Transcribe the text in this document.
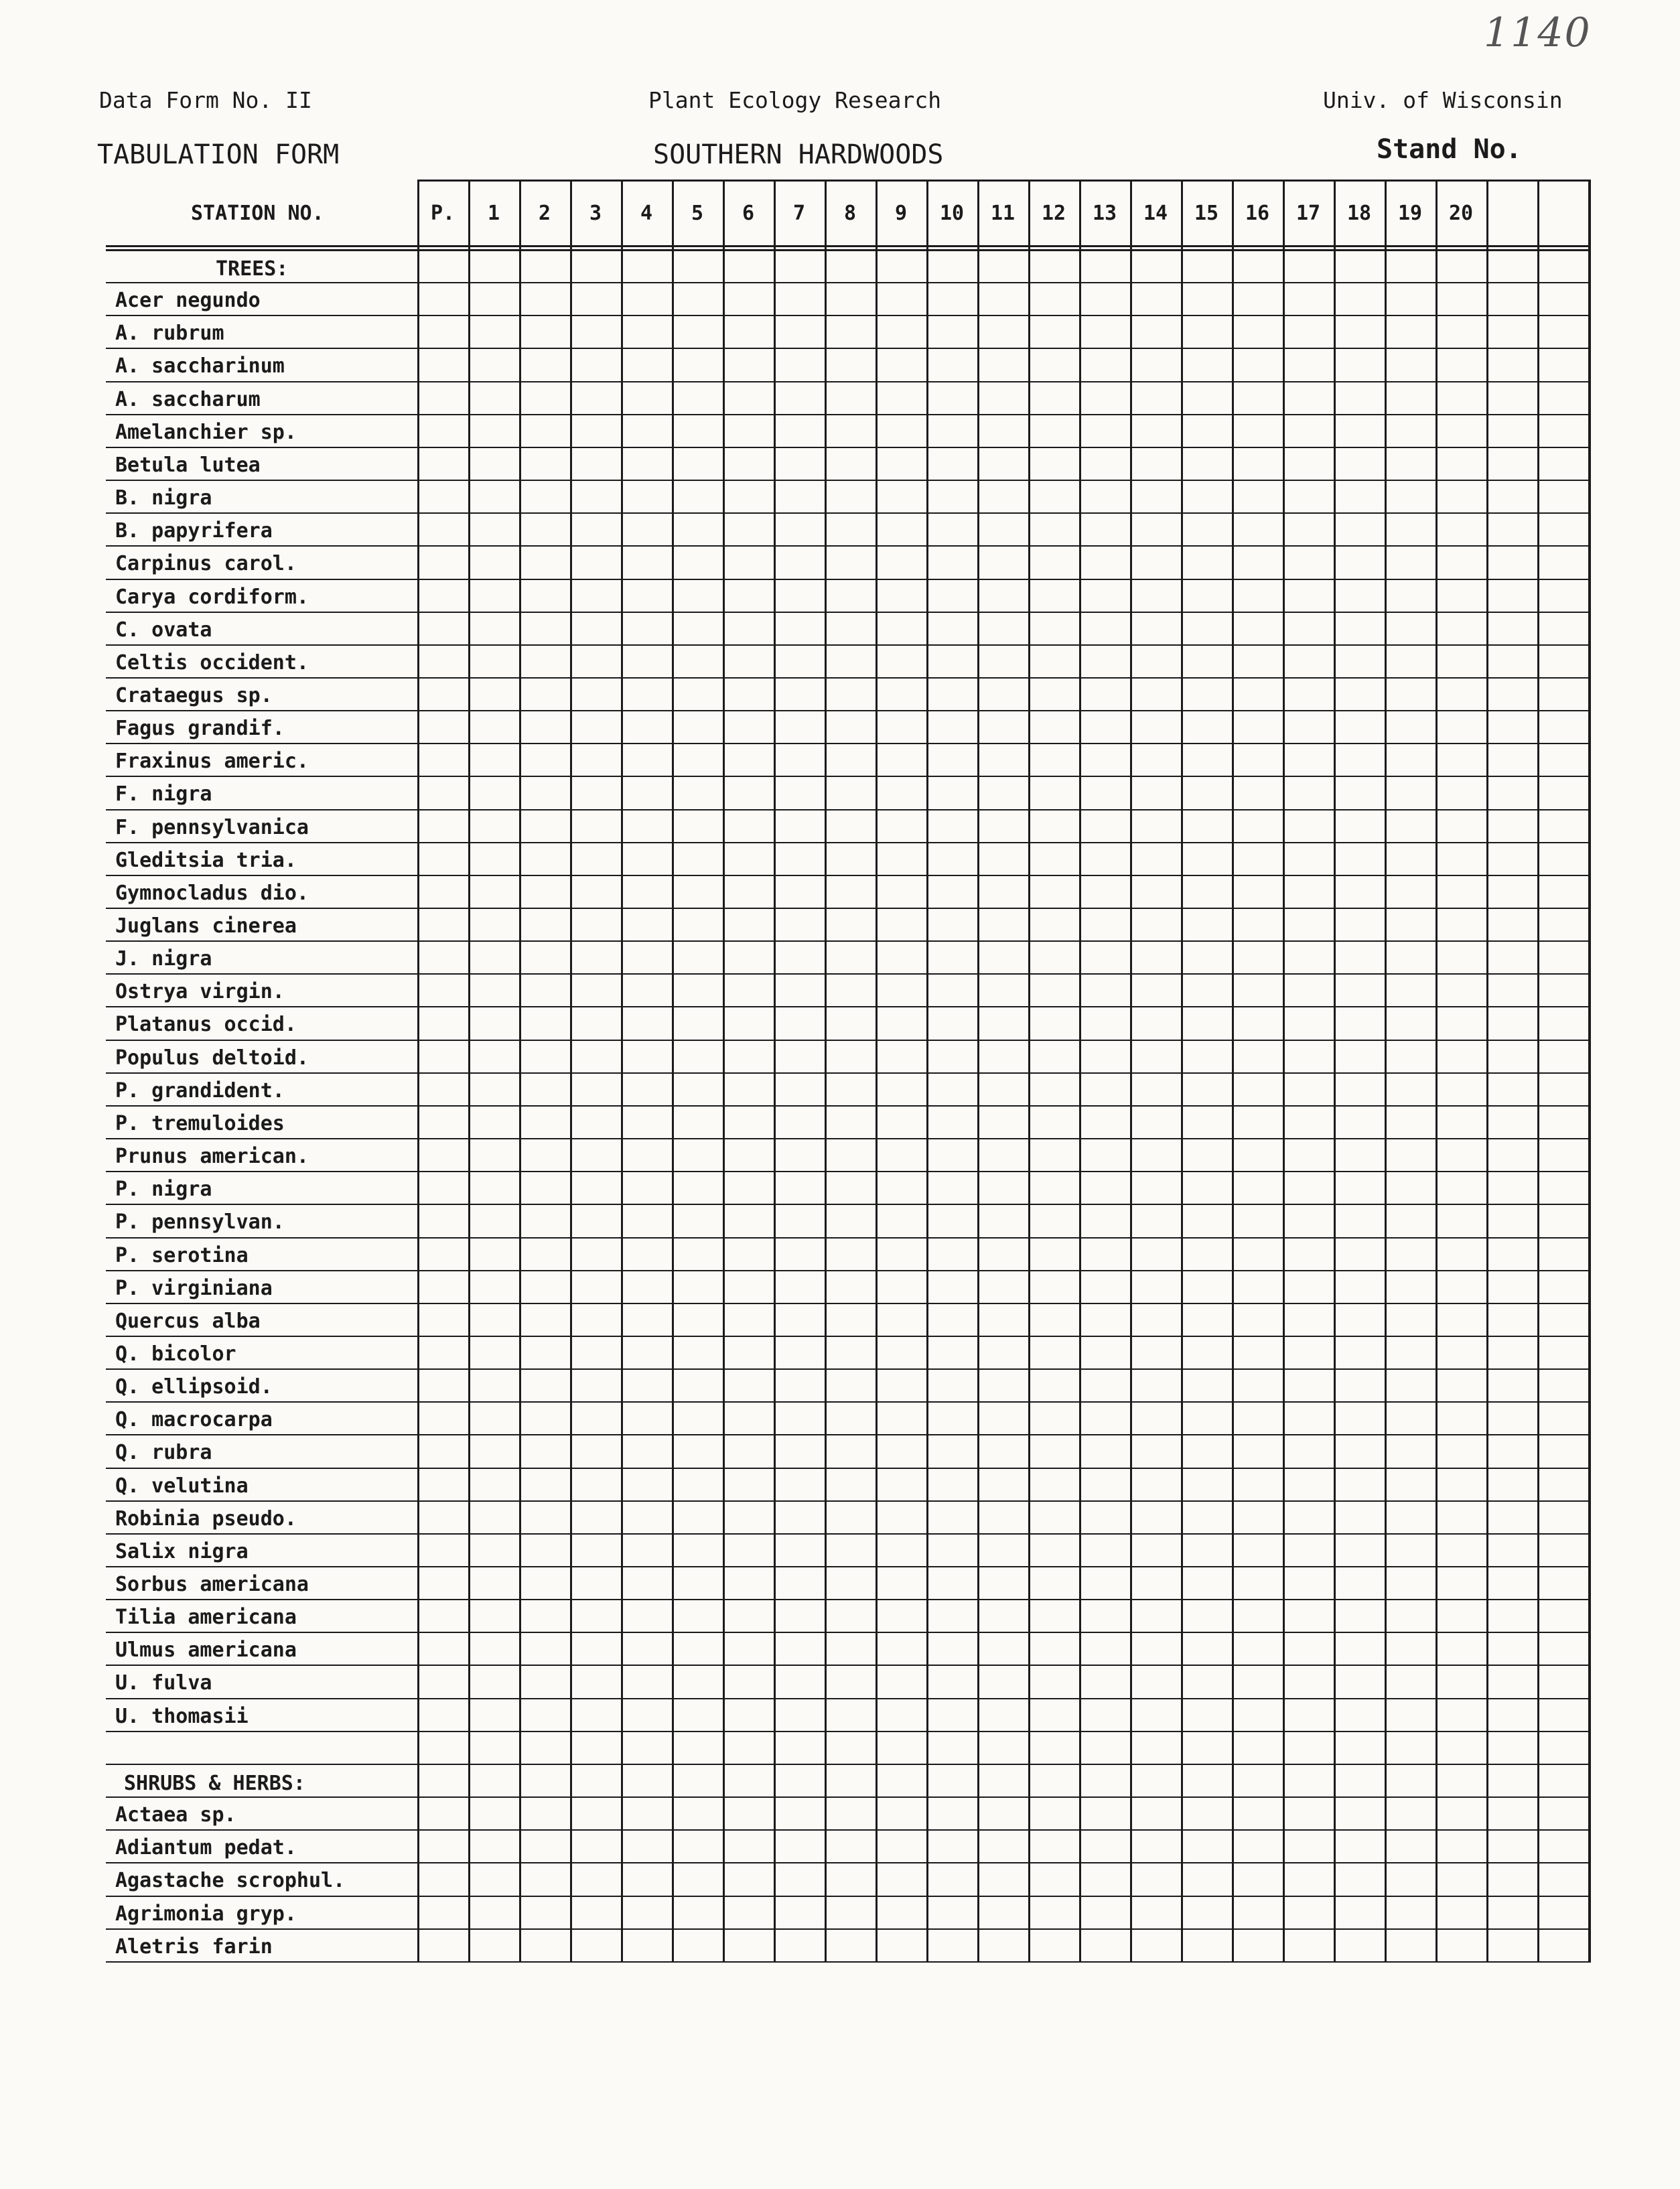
1140
Data Form No. II	Plant Ecology Research	Univ. of Wisconsin
TABULATION FORM	SOUTHERN HARDWOODS	Stand No.
STATION NO.	P.	1	2	3	4	5	6	7	8	9	10	11	12	13	14	15	16	17	18	19	20
TREES:
Acer negundo
A. rubrum
A. saccharinum
A. saccharum
Amelanchier sp.
Betula lutea
B. nigra
B. papyrifera
Carpinus carol.
Carya cordiform.
C. ovata
Celtis occident.
Crataegus sp.
Fagus grandif.
Fraxinus americ.
F. nigra
F. pennsylvanica
Gleditsia tria.
Gymnocladus dio.
Juglans cinerea
J. nigra
Ostrya virgin.
Platanus occid.
Populus deltoid.
P. grandident.
P. tremuloides
Prunus american.
P. nigra
P. pennsylvan.
P. serotina
P. virginiana
Quercus alba
Q. bicolor
Q. ellipsoid.
Q. macrocarpa
Q. rubra
Q. velutina
Robinia pseudo.
Salix nigra
Sorbus americana
Tilia americana
Ulmus americana
U. fulva
U. thomasii
SHRUBS & HERBS:
Actaea sp.
Adiantum pedat.
Agastache scrophul.
Agrimonia gryp.
Aletris farin
